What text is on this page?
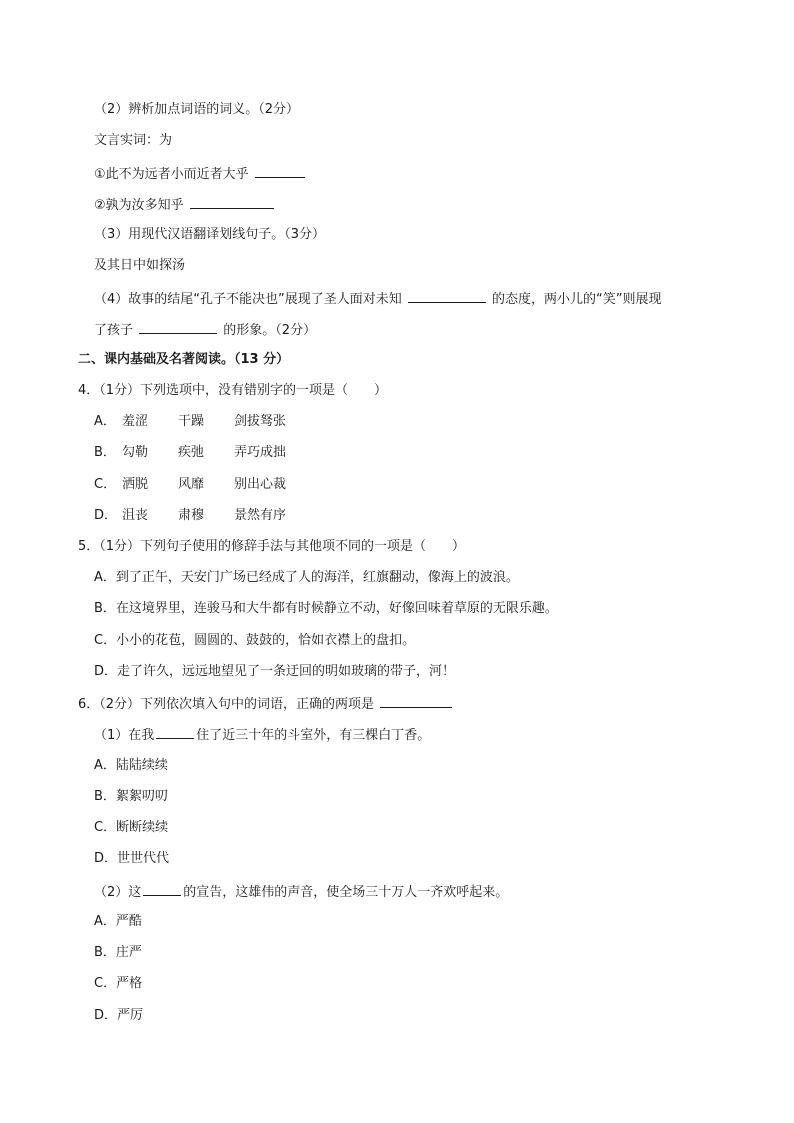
（2）辨析加点词语的词义。（2分）
文言实词：为
①此不为远者小而近者大乎
②孰为汝多知乎
（3）用现代汉语翻译划线句子。（3分）
及其日中如探汤
（4）故事的结尾“孔子不能决也”展现了圣人面对未知	的态度，两小儿的“笑”则展现
了孩子	的形象。（2分）
二、课内基础及名著阅读。（13 分）
4．（1分）下列选项中，没有错别字的一项是（　　）
A． 羞涩 干躁 剑拔驽张
B． 勾勒 疾弛 弄巧成拙
C． 洒脱 风靡 别出心裁
D． 沮丧 肃穆 景然有序
5．（1分）下列句子使用的修辞手法与其他项不同的一项是（　　）
A．到了正午，天安门广场已经成了人的海洋，红旗翻动，像海上的波浪。
B．在这境界里，连骏马和大牛都有时候静立不动，好像回味着草原的无限乐趣。
C．小小的花苞，圆圆的、鼓鼓的，恰如衣襟上的盘扣。
D．走了许久，远远地望见了一条迂回的明如玻璃的带子，河！
6．（2分）下列依次填入句中的词语，正确的两项是
（1）在我	住了近三十年的斗室外，有三棵白丁香。
A．陆陆续续
B．絮絮叨叨
C．断断续续
D．世世代代
（2）这	的宣告，这雄伟的声音，使全场三十万人一齐欢呼起来。
A．严酷
B．庄严
C．严格
D．严厉
